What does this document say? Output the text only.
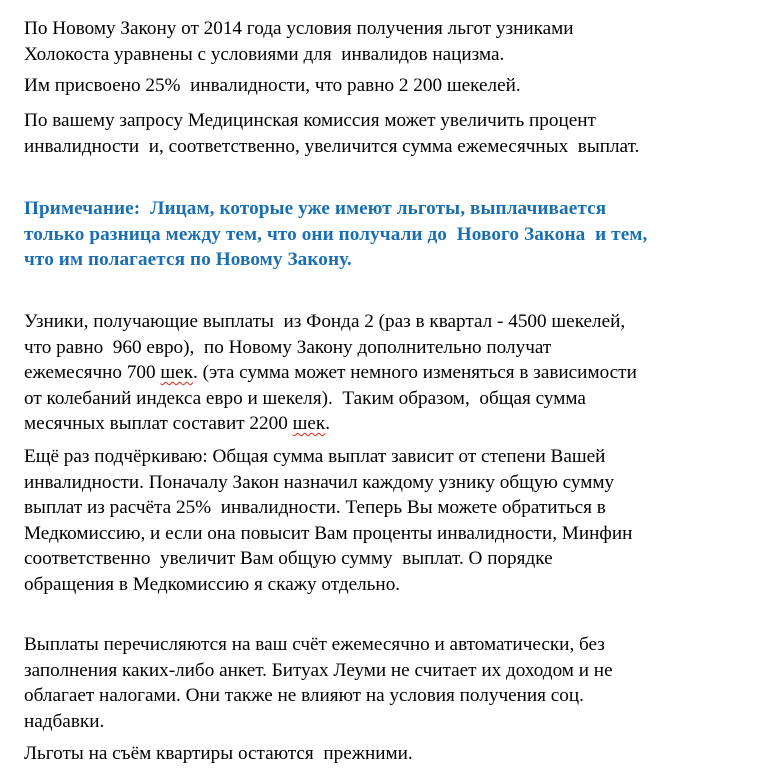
По Новому Закону от 2014 года условия получения льгот узниками
Холокоста уравнены с условиями для  инвалидов нацизма.

Им присвоено 25%  инвалидности, что равно 2 200 шекелей.

По вашему запросу Медицинская комиссия может увеличить процент
инвалидности  и, соответственно, увеличится сумма ежемесячных  выплат.

Примечание:  Лицам, которые уже имеют льготы, выплачивается
только разница между тем, что они получали до  Нового Закона  и тем,
что им полагается по Новому Закону.

Узники, получающие выплаты  из Фонда 2 (раз в квартал - 4500 шекелей,
что равно  960 евро),  по Новому Закону дополнительно получат
ежемесячно 700 шек. (эта сумма может немного изменяться в зависимости
от колебаний индекса евро и шекеля).  Таким образом,  общая сумма
месячных выплат составит 2200 шек.

Ещё раз подчёркиваю: Общая сумма выплат зависит от степени Вашей
инвалидности. Поначалу Закон назначил каждому узнику общую сумму
выплат из расчёта 25%  инвалидности. Теперь Вы можете обратиться в
Медкомиссию, и если она повысит Вам проценты инвалидности, Минфин
соответственно  увеличит Вам общую сумму  выплат. О порядке
обращения в Медкомиссию я скажу отдельно.

Выплаты перечисляются на ваш счёт ежемесячно и автоматически, без
заполнения каких-либо анкет. Битуах Леуми не считает их доходом и не
облагает налогами. Они также не влияют на условия получения соц.
надбавки.

Льготы на съём квартиры остаются  прежними.
